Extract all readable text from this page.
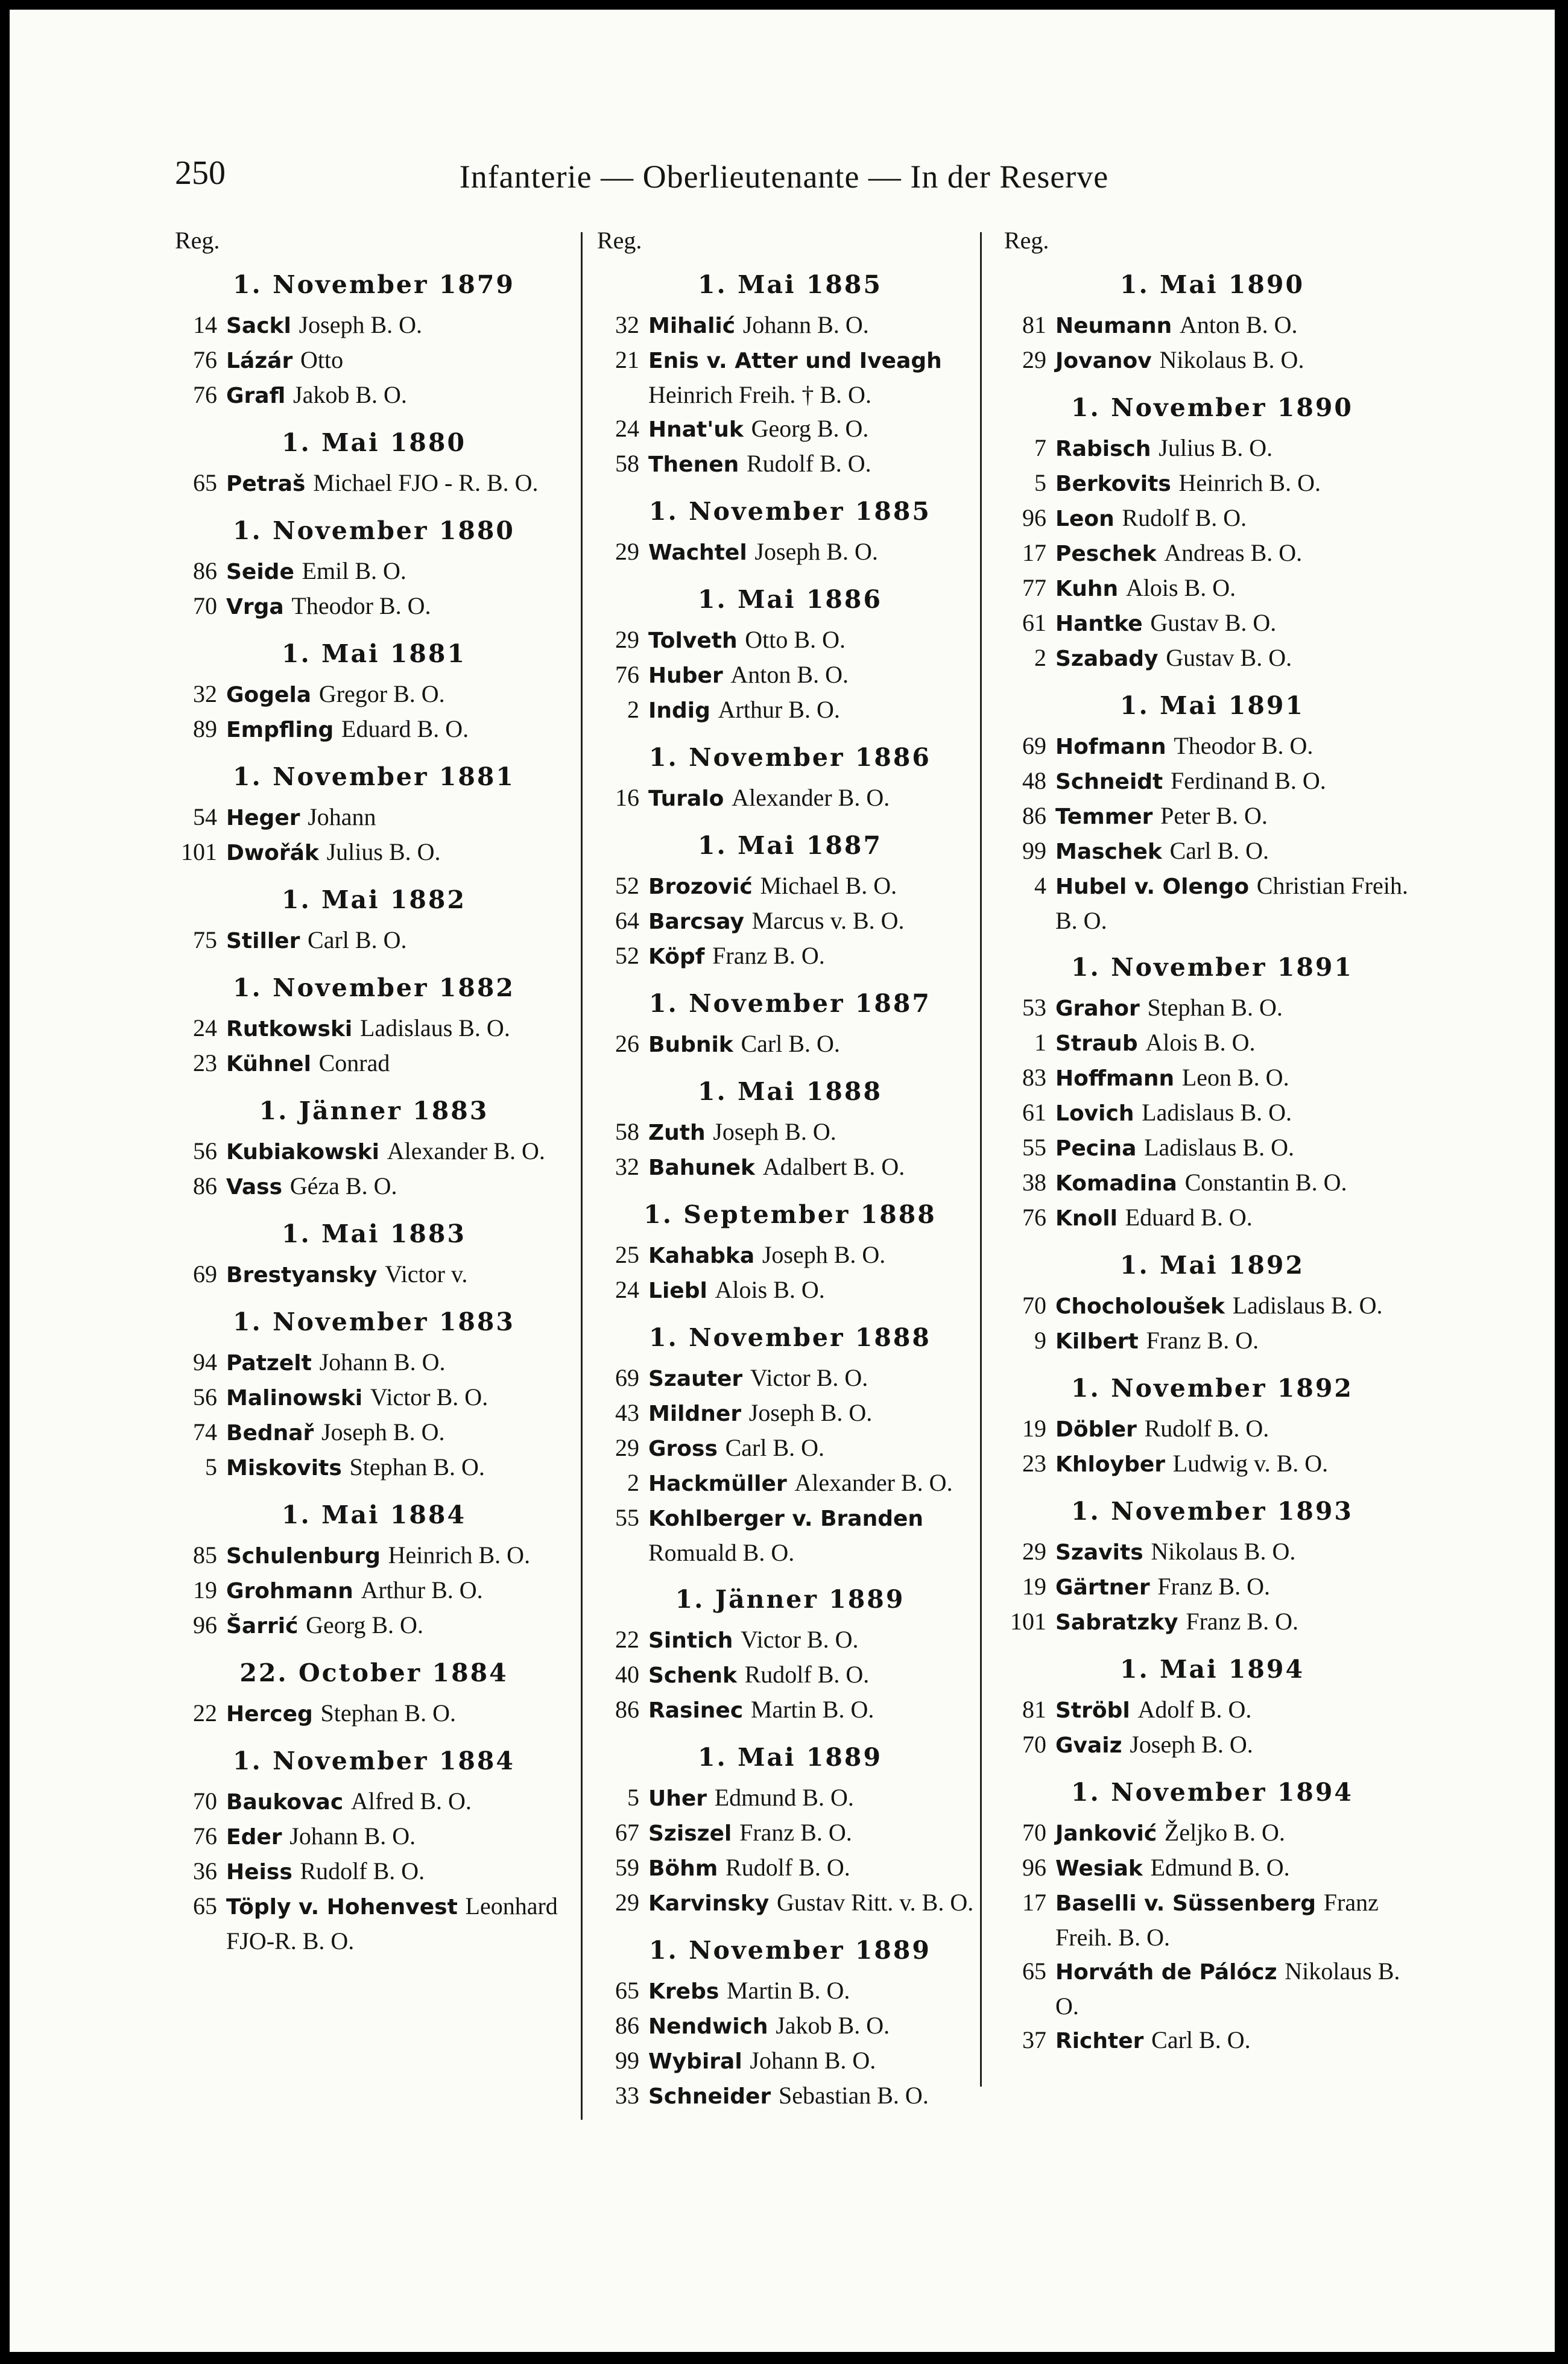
250	Infanterie — Oberlieutenante — In der Reserve
Reg.
1. November 1879
14 Sackl Joseph B. O.
76 Lázár Otto
76 Grafl Jakob B. O.
1. Mai 1880
65 Petraš Michael FJO - R. B. O.
1. November 1880
86 Seide Emil B. O.
70 Vrga Theodor B. O.
1. Mai 1881
32 Gogela Gregor B. O.
89 Empfling Eduard B. O.
1. November 1881
54 Heger Johann
101 Dwořák Julius B. O.
1. Mai 1882
75 Stiller Carl B. O.
1. November 1882
24 Rutkowski Ladislaus B. O.
23 Kühnel Conrad
1. Jänner 1883
56 Kubiakowski Alexander B. O.
86 Vass Géza B. O.
1. Mai 1883
69 Brestyansky Victor v.
1. November 1883
94 Patzelt Johann B. O.
56 Malinowski Victor B. O.
74 Bednař Joseph B. O.
5 Miskovits Stephan B. O.
1. Mai 1884
85 Schulenburg Heinrich B. O.
19 Grohmann Arthur B. O.
96 Šarrić Georg B. O.
22. October 1884
22 Herceg Stephan B. O.
1. November 1884
70 Baukovac Alfred B. O.
76 Eder Johann B. O.
36 Heiss Rudolf B. O.
65 Töply v. Hohenvest Leonhard FJO-R. B. O.
Reg.
1. Mai 1885
32 Mihalić Johann B. O.
21 Enis v. Atter und Iveagh Heinrich Freih. † B. O.
24 Hnat'uk Georg B. O.
58 Thenen Rudolf B. O.
1. November 1885
29 Wachtel Joseph B. O.
1. Mai 1886
29 Tolveth Otto B. O.
76 Huber Anton B. O.
2 Indig Arthur B. O.
1. November 1886
16 Turalo Alexander B. O.
1. Mai 1887
52 Brozović Michael B. O.
64 Barcsay Marcus v. B. O.
52 Köpf Franz B. O.
1. November 1887
26 Bubnik Carl B. O.
1. Mai 1888
58 Zuth Joseph B. O.
32 Bahunek Adalbert B. O.
1. September 1888
25 Kahabka Joseph B. O.
24 Liebl Alois B. O.
1. November 1888
69 Szauter Victor B. O.
43 Mildner Joseph B. O.
29 Gross Carl B. O.
2 Hackmüller Alexander B. O.
55 Kohlberger v. Branden Romuald B. O.
1. Jänner 1889
22 Sintich Victor B. O.
40 Schenk Rudolf B. O.
86 Rasinec Martin B. O.
1. Mai 1889
5 Uher Edmund B. O.
67 Sziszel Franz B. O.
59 Böhm Rudolf B. O.
29 Karvinsky Gustav Ritt. v. B. O.
1. November 1889
65 Krebs Martin B. O.
86 Nendwich Jakob B. O.
99 Wybiral Johann B. O.
33 Schneider Sebastian B. O.
Reg.
1. Mai 1890
81 Neumann Anton B. O.
29 Jovanov Nikolaus B. O.
1. November 1890
7 Rabisch Julius B. O.
5 Berkovits Heinrich B. O.
96 Leon Rudolf B. O.
17 Peschek Andreas B. O.
77 Kuhn Alois B. O.
61 Hantke Gustav B. O.
2 Szabady Gustav B. O.
1. Mai 1891
69 Hofmann Theodor B. O.
48 Schneidt Ferdinand B. O.
86 Temmer Peter B. O.
99 Maschek Carl B. O.
4 Hubel v. Olengo Christian Freih. B. O.
1. November 1891
53 Grahor Stephan B. O.
1 Straub Alois B. O.
83 Hoffmann Leon B. O.
61 Lovich Ladislaus B. O.
55 Pecina Ladislaus B. O.
38 Komadina Constantin B. O.
76 Knoll Eduard B. O.
1. Mai 1892
70 Chocholoušek Ladislaus B. O.
9 Kilbert Franz B. O.
1. November 1892
19 Döbler Rudolf B. O.
23 Khloyber Ludwig v. B. O.
1. November 1893
29 Szavits Nikolaus B. O.
19 Gärtner Franz B. O.
101 Sabratzky Franz B. O.
1. Mai 1894
81 Ströbl Adolf B. O.
70 Gvaiz Joseph B. O.
1. November 1894
70 Janković Željko B. O.
96 Wesiak Edmund B. O.
17 Baselli v. Süssenberg Franz Freih. B. O.
65 Horváth de Pálócz Nikolaus B. O.
37 Richter Carl B. O.
